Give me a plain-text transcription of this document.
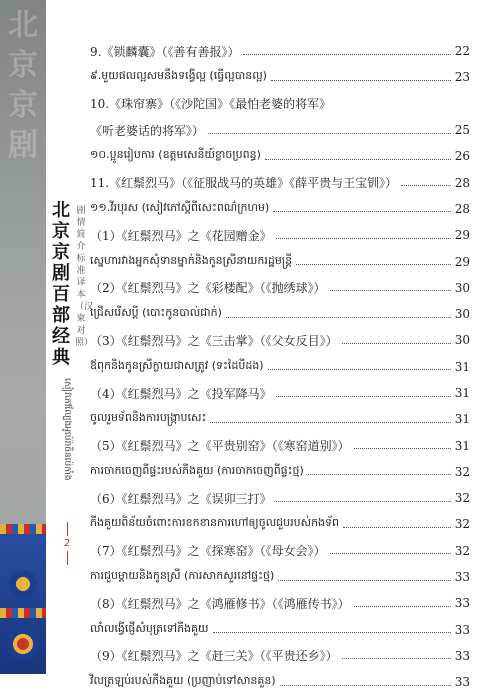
北
京
京
剧
北京京剧百部经典
剧情简介标准译本（汉柬对照）
សៀវភៅល្បែងអូប៉េរ៉ាចិនប៉េកាំង
2
9.《锁麟囊》（《善有善报》）	22
៩.មួយផលល្អសមនឹងទង្វើល្អ (ធ្វើល្អបានល្អ)	23
10.《珠帘寨》（《沙陀国》《最怕老婆的将军》
《听老婆话的将军》）	25
១០.ប្អូនរៀបការ (ឧត្តមសេនីយ៍ខ្លាចប្រពន្ធ)	26
11.《红鬃烈马》（《征服战马的英雄》《薛平贵与王宝钏》）	28
១១.វីរបុរស (សៀវភៅស្ដីពីសេះពណ៌ក្រហម)	28
（1）《红鬃烈马》之《花园赠金》	29
ស្នេហារវាងអ្នកសុំទានម្នាក់និងកូនស្រីនាយករដ្ឋមន្ត្រី	29
（2）《红鬃烈马》之《彩楼配》（《抛绣球》）	30
ជ្រើសរើសប្ដី (បោះកូនបាល់ជាក់)	30
（3）《红鬃烈马》之《三击掌》（《父女反目》）	30
ឪពុកនិងកូនស្រីក្លាយជាសត្រូវ (ទះដៃបីដង)	31
（4）《红鬃烈马》之《投军降马》	31
ចូលរួមទ័ពនិងការបង្ក្រាបសេះ	31
（5）《红鬃烈马》之《平贵别窑》（《寒窑道别》）	31
ការចាកចេញពីផ្ទះរបស់ភីងគួយ (ការចាកចេញពីផ្ទះថ្ម)	32
（6）《红鬃烈马》之《误卯三打》	32
ភីងគួយពិន័យចំពោះការខកខានការហៅឲ្យចូលជួបរបស់កងទ័ព	32
（7）《红鬃烈马》之《探寒窑》（《母女会》）	32
ការជួបម្ដាយនិងកូនស្រី (ការសាកសួរនៅផ្ទះថ្ម)	33
（8）《红鬃烈马》之《鸿雁修书》（《鸿雁传书》）	33
លាំលង្វើផ្ញើសំបុត្រទៅភីងគួយ	33
（9）《红鬃烈马》之《赶三关》（《平贵还乡》）	33
វិលត្រឡប់របស់ភីងគួយ (ប្រញាប់ទៅសានគួន)	33
